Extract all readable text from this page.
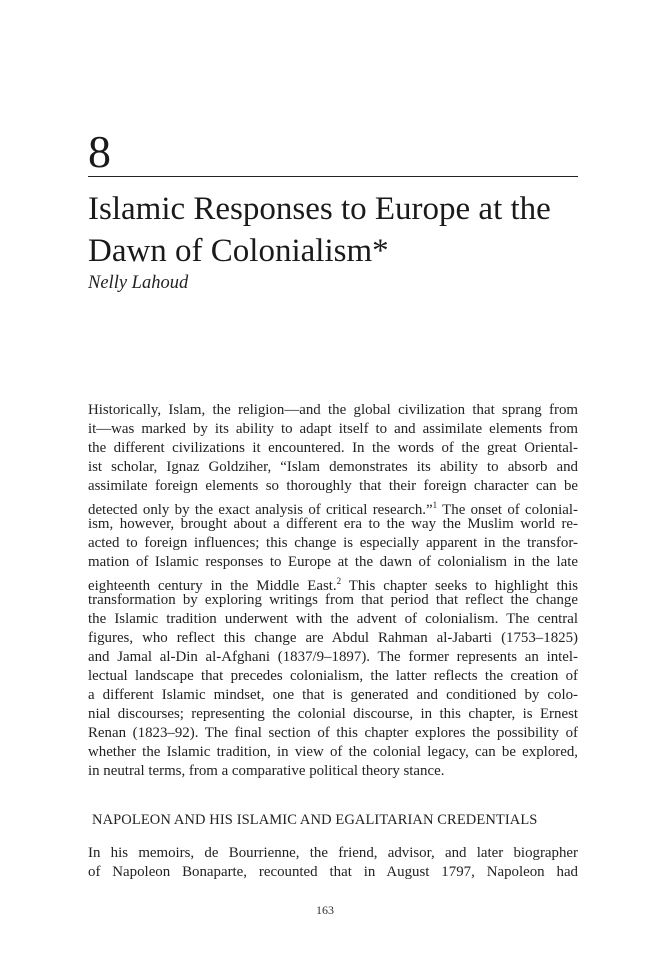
8
Islamic Responses to Europe at the
Dawn of Colonialism*
Nelly Lahoud
Historically, Islam, the religion—and the global civilization that sprang from
it—was marked by its ability to adapt itself to and assimilate elements from
the different civilizations it encountered. In the words of the great Oriental-
ist scholar, Ignaz Goldziher, “Islam demonstrates its ability to absorb and
assimilate foreign elements so thoroughly that their foreign character can be
detected only by the exact analysis of critical research.”$^1$ The onset of colonial-
ism, however, brought about a different era to the way the Muslim world re-
acted to foreign influences; this change is especially apparent in the transfor-
mation of Islamic responses to Europe at the dawn of colonialism in the late
eighteenth century in the Middle East.$^2$ This chapter seeks to highlight this
transformation by exploring writings from that period that reflect the change
the Islamic tradition underwent with the advent of colonialism. The central
figures, who reflect this change are Abdul Rahman al-Jabarti (1753–1825)
and Jamal al-Din al-Afghani (1837/9–1897). The former represents an intel-
lectual landscape that precedes colonialism, the latter reflects the creation of
a different Islamic mindset, one that is generated and conditioned by colo-
nial discourses; representing the colonial discourse, in this chapter, is Ernest
Renan (1823–92). The final section of this chapter explores the possibility of
whether the Islamic tradition, in view of the colonial legacy, can be explored,
in neutral terms, from a comparative political theory stance.
NAPOLEON AND HIS ISLAMIC AND EGALITARIAN CREDENTIALS
In his memoirs, de Bourrienne, the friend, advisor, and later biographer
of Napoleon Bonaparte, recounted that in August 1797, Napoleon had
163
